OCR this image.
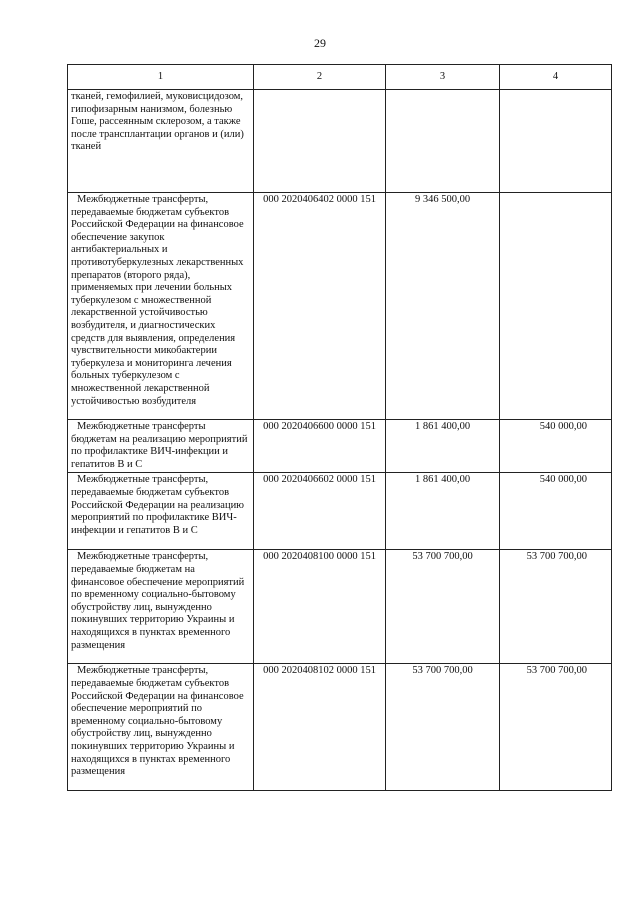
29
1	2	3	4

тканей, гемофилией, муковисцидозом, гипофизарным нанизмом, болезнью Гоше, рассеянным склерозом, а также после трансплантации органов и (или) тканей			

Межбюджетные трансферты, передаваемые бюджетам субъектов Российской Федерации на финансовое обеспечение закупок антибактериальных и противотуберкулезных лекарственных препаратов (второго ряда), применяемых при лечении больных туберкулезом с множественной лекарственной устойчивостью возбудителя, и диагностических средств для выявления, определения чувствительности микобактерии туберкулеза и мониторинга лечения больных туберкулезом с множественной лекарственной устойчивостью возбудителя	000 2020406402 0000 151	9 346 500,00	

Межбюджетные трансферты бюджетам на реализацию мероприятий по профилактике ВИЧ-инфекции и гепатитов В и С	000 2020406600 0000 151	1 861 400,00	540 000,00

Межбюджетные трансферты, передаваемые бюджетам субъектов Российской Федерации на реализацию мероприятий по профилактике ВИЧ-инфекции и гепатитов В и С	000 2020406602 0000 151	1 861 400,00	540 000,00

Межбюджетные трансферты, передаваемые бюджетам на финансовое обеспечение мероприятий по временному социально-бытовому обустройству лиц, вынужденно покинувших территорию Украины и находящихся в пунктах временного размещения	000 2020408100 0000 151	53 700 700,00	53 700 700,00

Межбюджетные трансферты, передаваемые бюджетам субъектов Российской Федерации на финансовое обеспечение мероприятий по временному социально-бытовому обустройству лиц, вынужденно покинувших территорию Украины и находящихся в пунктах временного размещения	000 2020408102 0000 151	53 700 700,00	53 700 700,00
